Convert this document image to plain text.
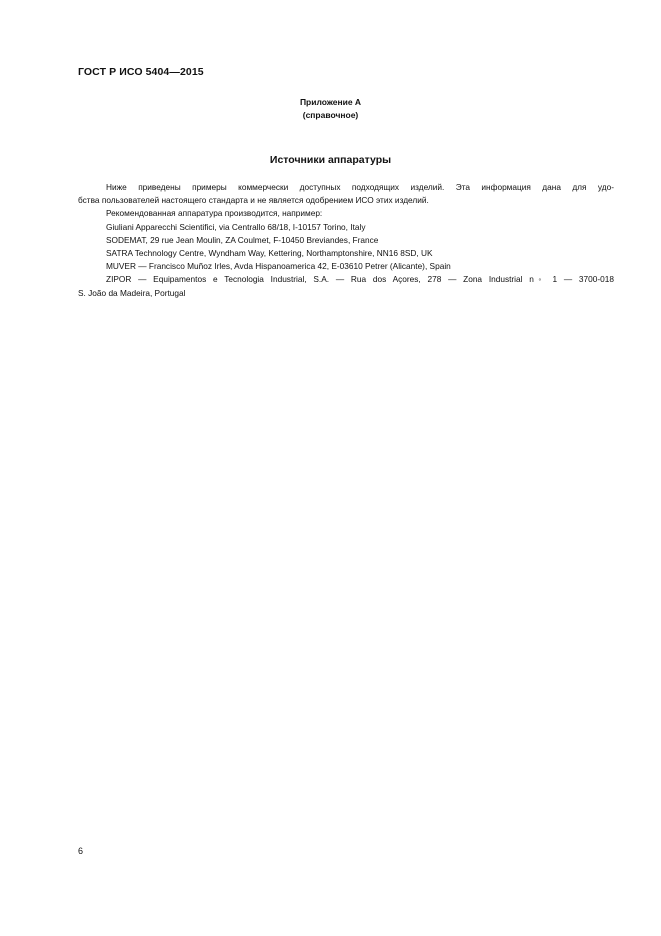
ГОСТ Р ИСО 5404—2015
Приложение А
(справочное)
Источники аппаратуры

Ниже приведены примеры коммерчески доступных подходящих изделий. Эта информация дана для удо-
бства пользователей настоящего стандарта и не является одобрением ИСО этих изделий.

Рекомендованная аппаратура производится, например:

Giuliani Apparecchi Scientifici, via Centrallo 68/18, I-10157 Torino, Italy

SODEMAT, 29 rue Jean Moulin, ZA Coulmet, F-10450 Breviandes, France

SATRA Technology Centre, Wyndham Way, Kettering, Northamptonshire, NN16 8SD, UK

MUVER — Francisco Muñoz Irles, Avda Hispanoamerica 42, E-03610 Petrer (Alicante), Spain

ZIPOR — Equipamentos e Tecnologia Industrial, S.A. — Rua dos Açores, 278 — Zona Industrial n◦ 1 — 3700-018
S. João da Madeira, Portugal

6
